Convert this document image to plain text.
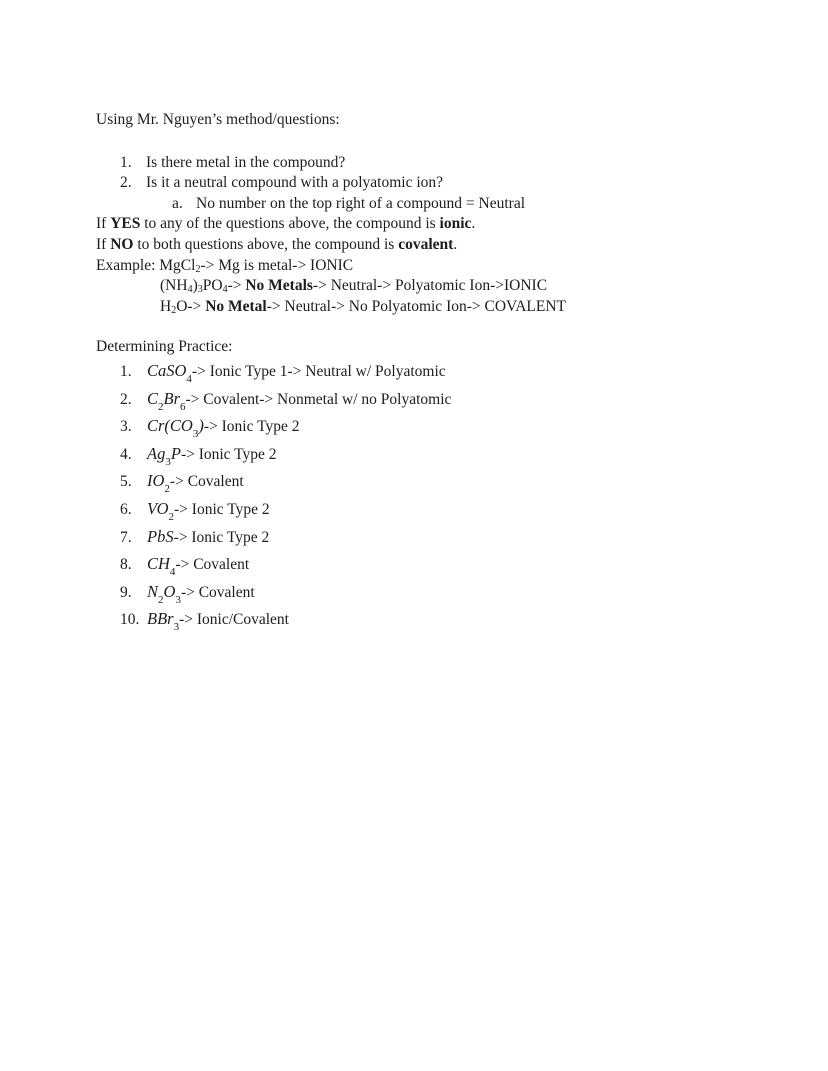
Using Mr. Nguyen’s method/questions:

1. Is there metal in the compound?
2. Is it a neutral compound with a polyatomic ion?
a. No number on the top right of a compound = Neutral
If YES to any of the questions above, the compound is ionic.
If NO to both questions above, the compound is covalent.
Example: MgCl$_2$-> Mg is metal-> IONIC
$(NH_4)_3PO_4-> No$ Metals-> Neutral-> Polyatomic Ion->IONIC
$H_2O-> No$ Metal-> Neutral-> No Polyatomic Ion-> COVALENT

Determining Practice:

1. CaSO$_4$-> Ionic Type 1-> Neutral w/ Polyatomic
2. $C_2Br_6->$ Covalent-> Nonmetal w/ no Polyatomic
3. $Cr(CO_3)->$ Ionic Type 2
4. $Ag_3P->$ Ionic Type 2
5. $IO_2->$ Covalent
6. $VO_2->$ Ionic Type 2
7. PbS-> Ionic Type 2
8. $CH_4->$ Covalent
9. $N_2O_3->$ Covalent
10. BBr$_3$-> Ionic/Covalent
